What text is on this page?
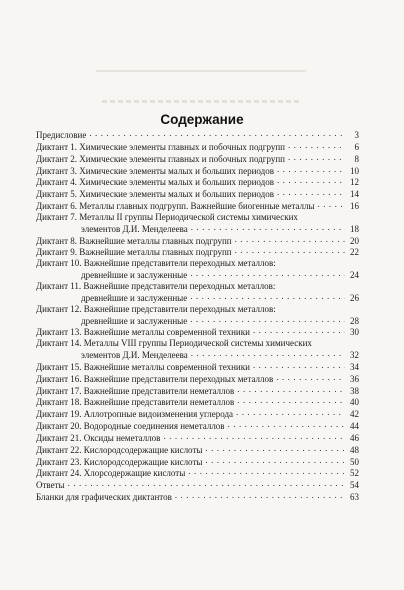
Содержание
Предисловие . . .	3
Диктант 1. Химические элементы главных и побочных подгрупп . . .	6
Диктант 2. Химические элементы главных и побочных подгрупп . . .	8
Диктант 3. Химические элементы малых и больших периодов . . .	10
Диктант 4. Химические элементы малых и больших периодов . . .	12
Диктант 5. Химические элементы малых и больших периодов . . .	14
Диктант 6. Металлы главных подгрупп. Важнейшие биогенные металлы . . .	16
Диктант 7. Металлы II группы Периодической системы химических
элементов Д.И. Менделеева . . .	18
Диктант 8. Важнейшие металлы главных подгрупп . . .	20
Диктант 9. Важнейшие металлы главных подгрупп . . .	22
Диктант 10. Важнейшие представители переходных металлов:
древнейшие и заслуженные . . .	24
Диктант 11. Важнейшие представители переходных металлов:
древнейшие и заслуженные . . .	26
Диктант 12. Важнейшие представители переходных металлов:
древнейшие и заслуженные . . .	28
Диктант 13. Важнейшие металлы современной техники . . .	30
Диктант 14. Металлы VIII группы Периодической системы химических
элементов Д.И. Менделеева . . .	32
Диктант 15. Важнейшие металлы современной техники . . .	34
Диктант 16. Важнейшие представители переходных металлов . . .	36
Диктант 17. Важнейшие представители неметаллов . . .	38
Диктант 18. Важнейшие представители неметаллов . . .	40
Диктант 19. Аллотропные видоизменения углерода . . .	42
Диктант 20. Водородные соединения неметаллов . . .	44
Диктант 21. Оксиды неметаллов . . .	46
Диктант 22. Кислородсодержащие кислоты . . .	48
Диктант 23. Кислородсодержащие кислоты . . .	50
Диктант 24. Хлорсодержащие кислоты . . .	52
Ответы . . .	54
Бланки для графических диктантов . . .	63
